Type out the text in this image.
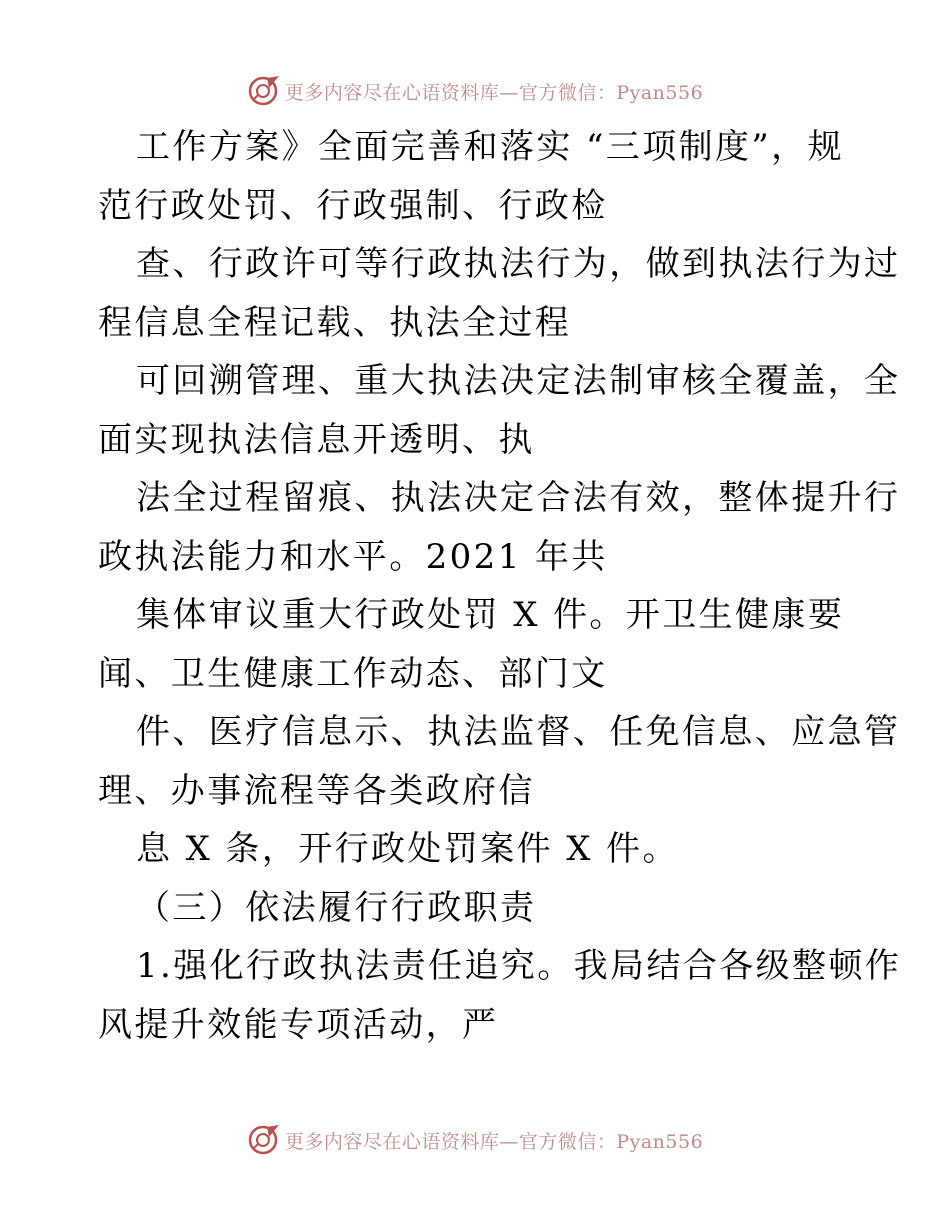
更多内容尽在心语资料库—官方微信：Pyan556
工作方案》全面完善和落实 “三项制度”，规
范行政处罚、行政强制、行政检
查、行政许可等行政执法行为，做到执法行为过
程信息全程记载、执法全过程
可回溯管理、重大执法决定法制审核全覆盖，全
面实现执法信息开透明、执
法全过程留痕、执法决定合法有效，整体提升行
政执法能力和水平。2021 年共
集体审议重大行政处罚 X 件。开卫生健康要
闻、卫生健康工作动态、部门文
件、医疗信息示、执法监督、任免信息、应急管
理、办事流程等各类政府信
息 X 条，开行政处罚案件 X 件。
（三）依法履行行政职责
1.强化行政执法责任追究。我局结合各级整顿作
风提升效能专项活动，严
更多内容尽在心语资料库—官方微信：Pyan556
